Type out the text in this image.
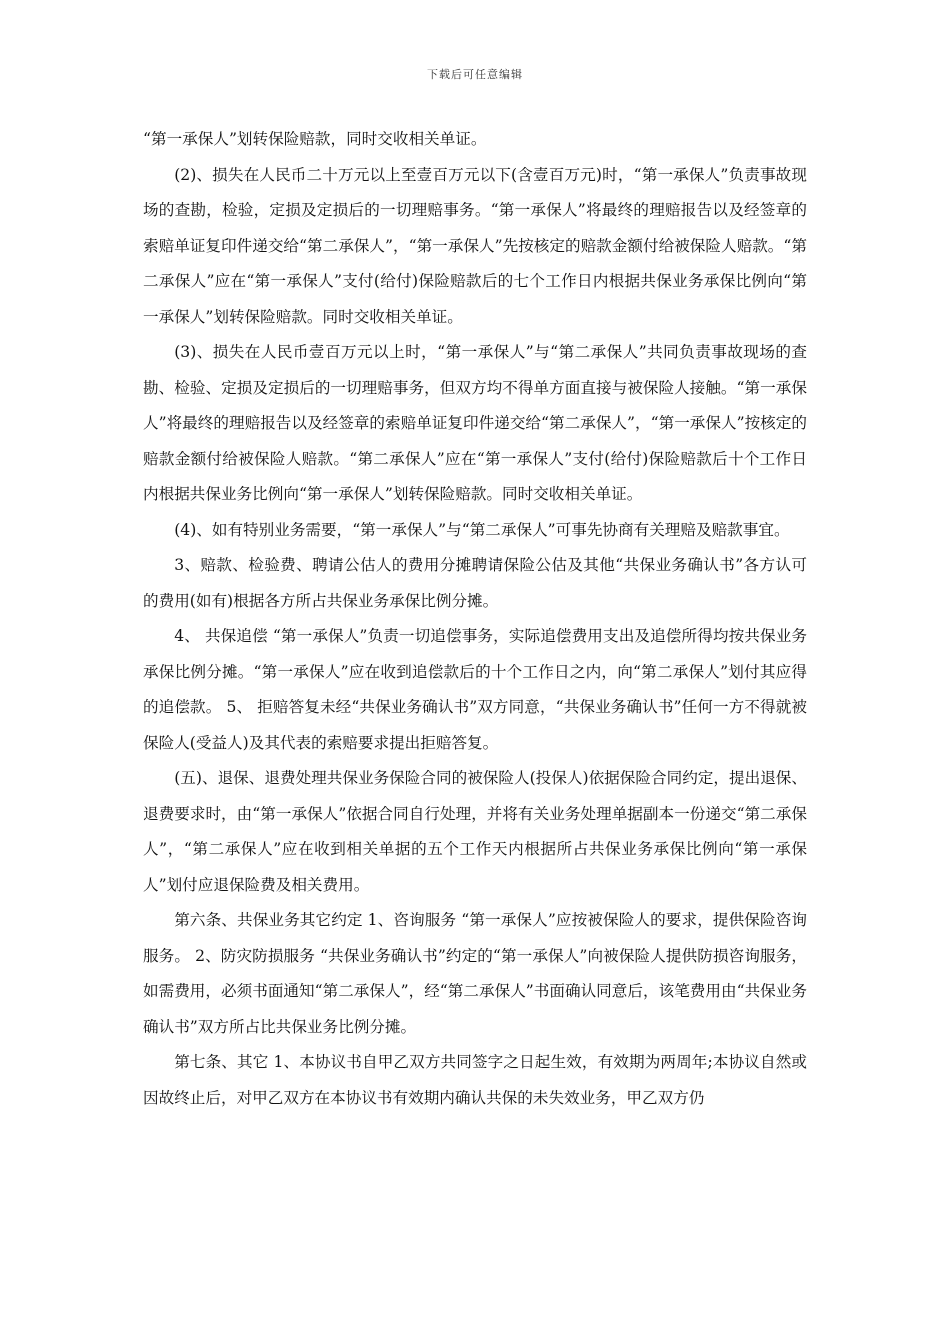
下载后可任意编辑

“第一承保人”划转保险赔款，同时交收相关单证。

(2)、损失在人民币二十万元以上至壹百万元以下(含壹百万元)时，“第一承保人”负责事故现场的查勘，检验，定损及定损后的一切理赔事务。“第一承保人”将最终的理赔报告以及经签章的索赔单证复印件递交给“第二承保人”，“第一承保人”先按核定的赔款金额付给被保险人赔款。“第二承保人”应在“第一承保人”支付(给付)保险赔款后的七个工作日内根据共保业务承保比例向“第一承保人”划转保险赔款。同时交收相关单证。

(3)、损失在人民币壹百万元以上时，“第一承保人”与“第二承保人”共同负责事故现场的查勘、检验、定损及定损后的一切理赔事务，但双方均不得单方面直接与被保险人接触。“第一承保人”将最终的理赔报告以及经签章的索赔单证复印件递交给“第二承保人”，“第一承保人”按核定的赔款金额付给被保险人赔款。“第二承保人”应在“第一承保人”支付(给付)保险赔款后十个工作日内根据共保业务比例向“第一承保人”划转保险赔款。同时交收相关单证。

(4)、如有特别业务需要，“第一承保人”与“第二承保人”可事先协商有关理赔及赔款事宜。

3、赔款、检验费、聘请公估人的费用分摊聘请保险公估及其他“共保业务确认书”各方认可的费用(如有)根据各方所占共保业务承保比例分摊。

4、 共保追偿 “第一承保人”负责一切追偿事务，实际追偿费用支出及追偿所得均按共保业务承保比例分摊。“第一承保人”应在收到追偿款后的十个工作日之内，向“第二承保人”划付其应得的追偿款。 5、 拒赔答复未经“共保业务确认书”双方同意，“共保业务确认书”任何一方不得就被保险人(受益人)及其代表的索赔要求提出拒赔答复。

(五)、退保、退费处理共保业务保险合同的被保险人(投保人)依据保险合同约定，提出退保、退费要求时，由“第一承保人”依据合同自行处理，并将有关业务处理单据副本一份递交“第二承保人”，“第二承保人”应在收到相关单据的五个工作天内根据所占共保业务承保比例向“第一承保人”划付应退保险费及相关费用。

第六条、共保业务其它约定 1、咨询服务 “第一承保人”应按被保险人的要求，提供保险咨询服务。 2、防灾防损服务 “共保业务确认书”约定的“第一承保人”向被保险人提供防损咨询服务，如需费用，必须书面通知“第二承保人”，经“第二承保人”书面确认同意后，该笔费用由“共保业务确认书”双方所占比共保业务比例分摊。

第七条、其它 1、本协议书自甲乙双方共同签字之日起生效，有效期为两周年;本协议自然或因故终止后，对甲乙双方在本协议书有效期内确认共保的未失效业务，甲乙双方仍
